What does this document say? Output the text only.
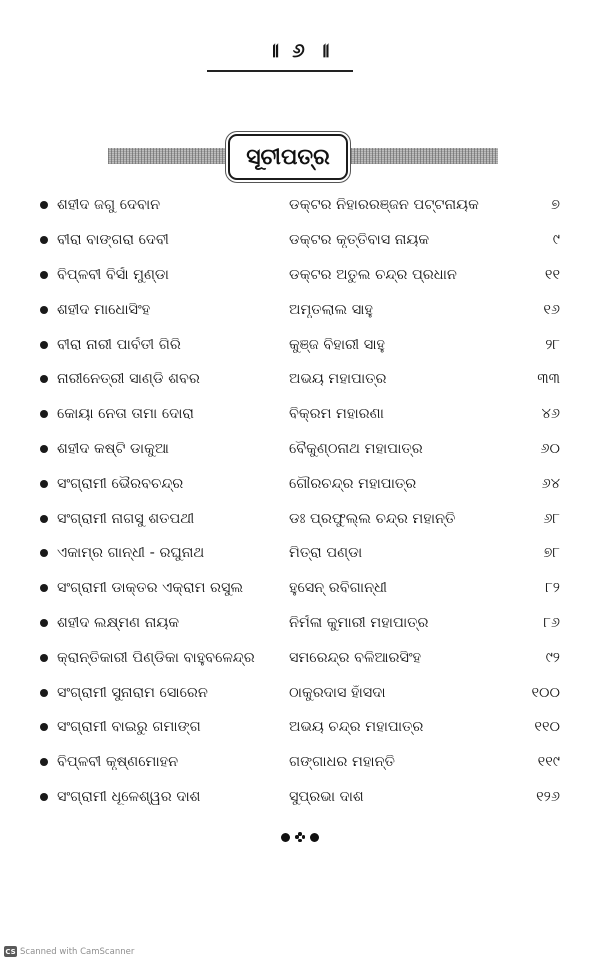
॥ ୬ ॥
ସୂଚୀପତ୍ର
ଶହୀଦ ଜଗୁ ଦେବାନ	ଡକ୍ଟର ନିହାରରଞ୍ଜନ ପଟ୍ଟନାୟକ	୭
ବୀରା ବାଙ୍ଗରା ଦେବୀ	ଡକ୍ଟର କୃତ୍ତିବାସ ନାୟକ	୯
ବିପ୍ଳବୀ ବିର୍ସା ମୁଣ୍ଡା	ଡକ୍ଟର ଅତୁଲ ଚନ୍ଦ୍ର ପ୍ରଧାନ	୧୧
ଶହୀଦ ମାଧୋସିଂହ	ଅମୃତଲାଲ ସାହୁ	୧୬
ବୀରା ନାରୀ ପାର୍ବତୀ ଗିରି	କୁଞ୍ଜ ବିହାରୀ ସାହୁ	୨୮
ନାରୀନେତ୍ରୀ ସାଣ୍ଡି ଶବର	ଅଭୟ ମହାପାତ୍ର	୩୩
କୋୟା ନେତା ତାମା ଦୋରା	ବିକ୍ରମ ମହାରଣା	୪୬
ଶହୀଦ କଷ୍ଟି ଡାକୁଆ	ବୈକୁଣ୍ଠନାଥ ମହାପାତ୍ର	୬୦
ସଂଗ୍ରାମୀ ଭୈରବଚନ୍ଦ୍ର	ଗୌରଚନ୍ଦ୍ର ମହାପାତ୍ର	୬୪
ସଂଗ୍ରାମୀ ନାଗସୁ ଶତପଥୀ	ଡଃ ପ୍ରଫୁଲ୍ଲ ଚନ୍ଦ୍ର ମହାନ୍ତି	୬୮
ଏକାମ୍ର ଗାନ୍ଧୀ - ରଘୁନାଥ	ମିତ୍ରା ପଣ୍ଡା	୭୮
ସଂଗ୍ରାମୀ ଡାକ୍ତର ଏକ୍ରାମ ରସୁଲ	ହୁସେନ୍ ରବିଗାନ୍ଧୀ	୮୨
ଶହୀଦ ଲକ୍ଷ୍ମଣ ନାୟକ	ନିର୍ମଳା କୁମାରୀ ମହାପାତ୍ର	୮୬
କ୍ରାନ୍ତିକାରୀ ପିଣ୍ଡିକା ବାହୁବଳେନ୍ଦ୍ର	ସମରେନ୍ଦ୍ର ବଳିଆରସିଂହ	୯୨
ସଂଗ୍ରାମୀ ସୁନାରାମ ସୋରେନ	ଠାକୁରଦାସ ହାଁସଦା	୧୦୦
ସଂଗ୍ରାମୀ ବାଇରୁ ଗମାଙ୍ଗ	ଅଭୟ ଚନ୍ଦ୍ର ମହାପାତ୍ର	୧୧୦
ବିପ୍ଳବୀ କୃଷ୍ଣମୋହନ	ଗଙ୍ଗାଧର ମହାନ୍ତି	୧୧୯
ସଂଗ୍ରାମୀ ଧୂଳେଶ୍ୱର ଦାଶ	ସୁପ୍ରଭା ଦାଶ	୧୨୬
CS Scanned with CamScanner
